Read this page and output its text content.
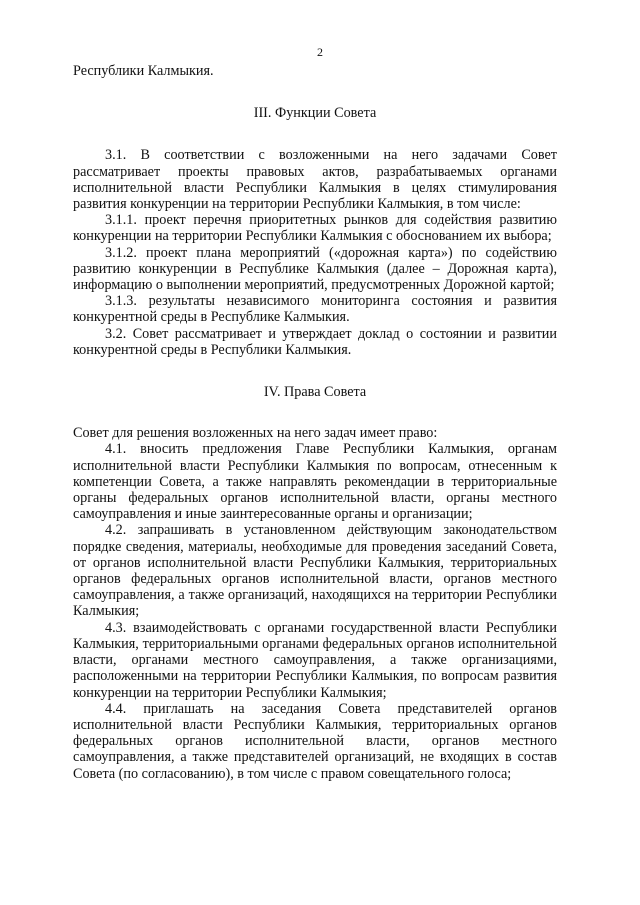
2

Республики Калмыкия.

III. Функции Совета

3.1. В соответствии с возложенными на него задачами Совет рассматривает проекты правовых актов, разрабатываемых органами исполнительной власти Республики Калмыкия в целях стимулирования развития конкуренции на территории Республики Калмыкия, в том числе:

3.1.1. проект перечня приоритетных рынков для содействия развитию конкуренции на территории Республики Калмыкия с обоснованием их выбора;

3.1.2. проект плана мероприятий («дорожная карта») по содействию развитию конкуренции в Республике Калмыкия (далее – Дорожная карта), информацию о выполнении мероприятий, предусмотренных Дорожной картой;

3.1.3. результаты независимого мониторинга состояния и развития конкурентной среды в Республике Калмыкия.

3.2. Совет рассматривает и утверждает доклад о состоянии и развитии конкурентной среды в Республики Калмыкия.

IV. Права Совета

Совет для решения возложенных на него задач имеет право:

4.1. вносить предложения Главе Республики Калмыкия, органам исполнительной власти Республики Калмыкия по вопросам, отнесенным к компетенции Совета, а также направлять рекомендации в территориальные органы федеральных органов исполнительной власти, органы местного самоуправления и иные заинтересованные органы и организации;

4.2. запрашивать в установленном действующим законодательством порядке сведения, материалы, необходимые для проведения заседаний Совета, от органов исполнительной власти Республики Калмыкия, территориальных органов федеральных органов исполнительной власти, органов местного самоуправления, а также организаций, находящихся на территории Республики Калмыкия;

4.3. взаимодействовать с органами государственной власти Республики Калмыкия, территориальными органами федеральных органов исполнительной власти, органами местного самоуправления, а также организациями, расположенными на территории Республики Калмыкия, по вопросам развития конкуренции на территории Республики Калмыкия;

4.4. приглашать на заседания Совета представителей органов исполнительной власти Республики Калмыкия, территориальных органов федеральных органов исполнительной власти, органов местного самоуправления, а также представителей организаций, не входящих в состав Совета (по согласованию), в том числе с правом совещательного голоса;
